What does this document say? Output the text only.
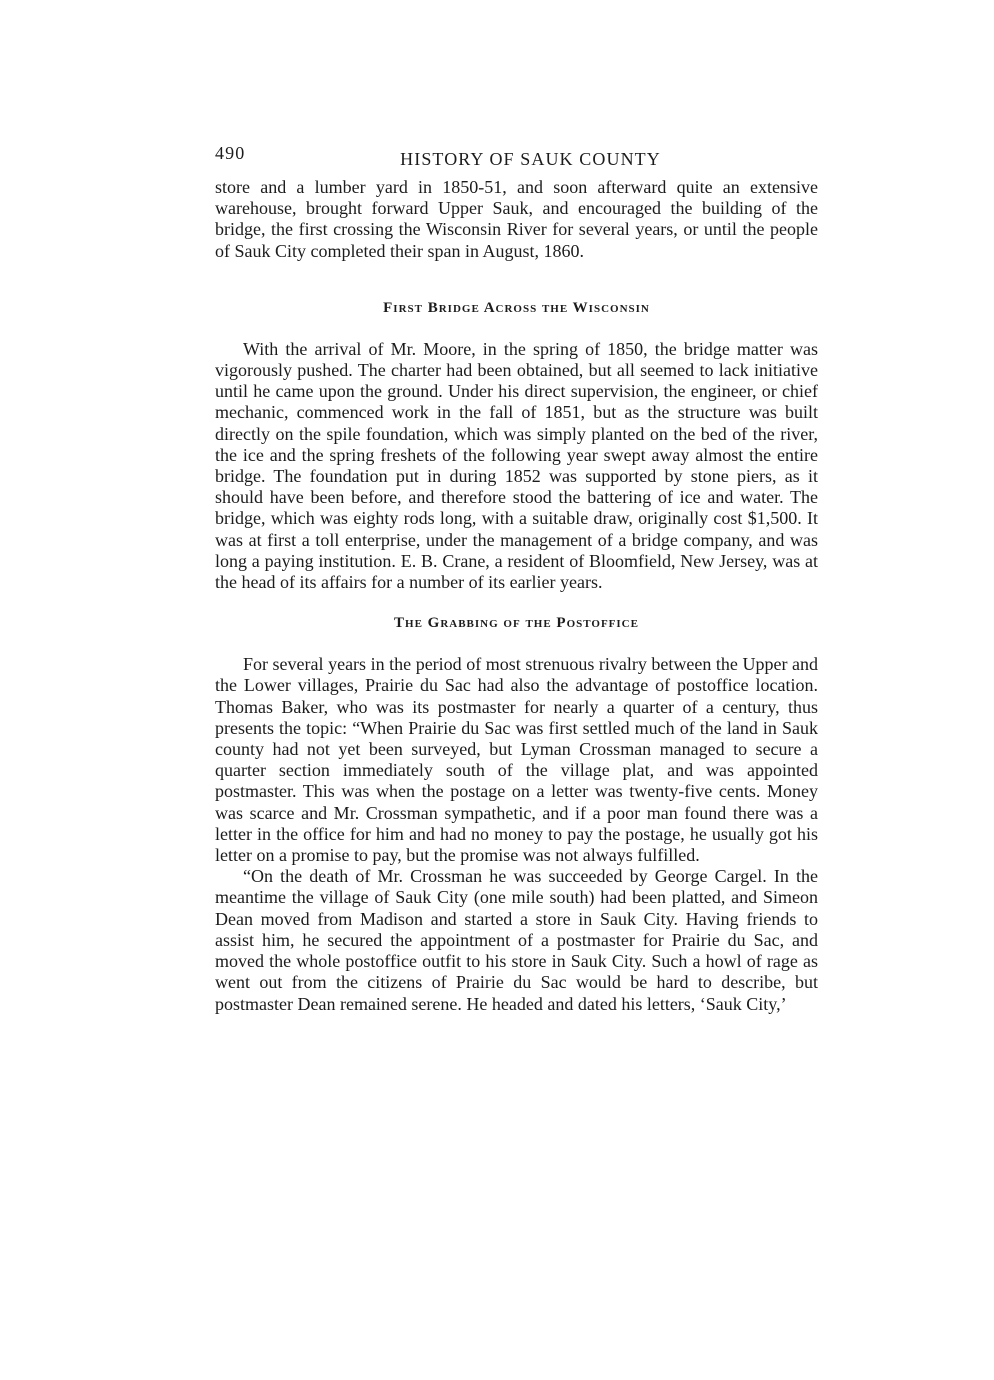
490	HISTORY OF SAUK COUNTY

store and a lumber yard in 1850-51, and soon afterward quite an extensive warehouse, brought forward Upper Sauk, and encouraged the building of the bridge, the first crossing the Wisconsin River for several years, or until the people of Sauk City completed their span in August, 1860.

First Bridge Across the Wisconsin

With the arrival of Mr. Moore, in the spring of 1850, the bridge matter was vigorously pushed. The charter had been obtained, but all seemed to lack initiative until he came upon the ground. Under his direct supervision, the engineer, or chief mechanic, commenced work in the fall of 1851, but as the structure was built directly on the spile foundation, which was simply planted on the bed of the river, the ice and the spring freshets of the following year swept away almost the entire bridge. The foundation put in during 1852 was supported by stone piers, as it should have been before, and therefore stood the battering of ice and water. The bridge, which was eighty rods long, with a suitable draw, originally cost $1,500. It was at first a toll enterprise, under the management of a bridge company, and was long a paying institution. E. B. Crane, a resident of Bloomfield, New Jersey, was at the head of its affairs for a number of its earlier years.

The Grabbing of the Postoffice

For several years in the period of most strenuous rivalry between the Upper and the Lower villages, Prairie du Sac had also the advantage of postoffice location. Thomas Baker, who was its postmaster for nearly a quarter of a century, thus presents the topic: “When Prairie du Sac was first settled much of the land in Sauk county had not yet been surveyed, but Lyman Crossman managed to secure a quarter section immediately south of the village plat, and was appointed postmaster. This was when the postage on a letter was twenty-five cents. Money was scarce and Mr. Crossman sympathetic, and if a poor man found there was a letter in the office for him and had no money to pay the postage, he usually got his letter on a promise to pay, but the promise was not always fulfilled.

“On the death of Mr. Crossman he was succeeded by George Cargel. In the meantime the village of Sauk City (one mile south) had been platted, and Simeon Dean moved from Madison and started a store in Sauk City. Having friends to assist him, he secured the appointment of a postmaster for Prairie du Sac, and moved the whole postoffice outfit to his store in Sauk City. Such a howl of rage as went out from the citizens of Prairie du Sac would be hard to describe, but postmaster Dean remained serene. He headed and dated his letters, ‘Sauk City,’
